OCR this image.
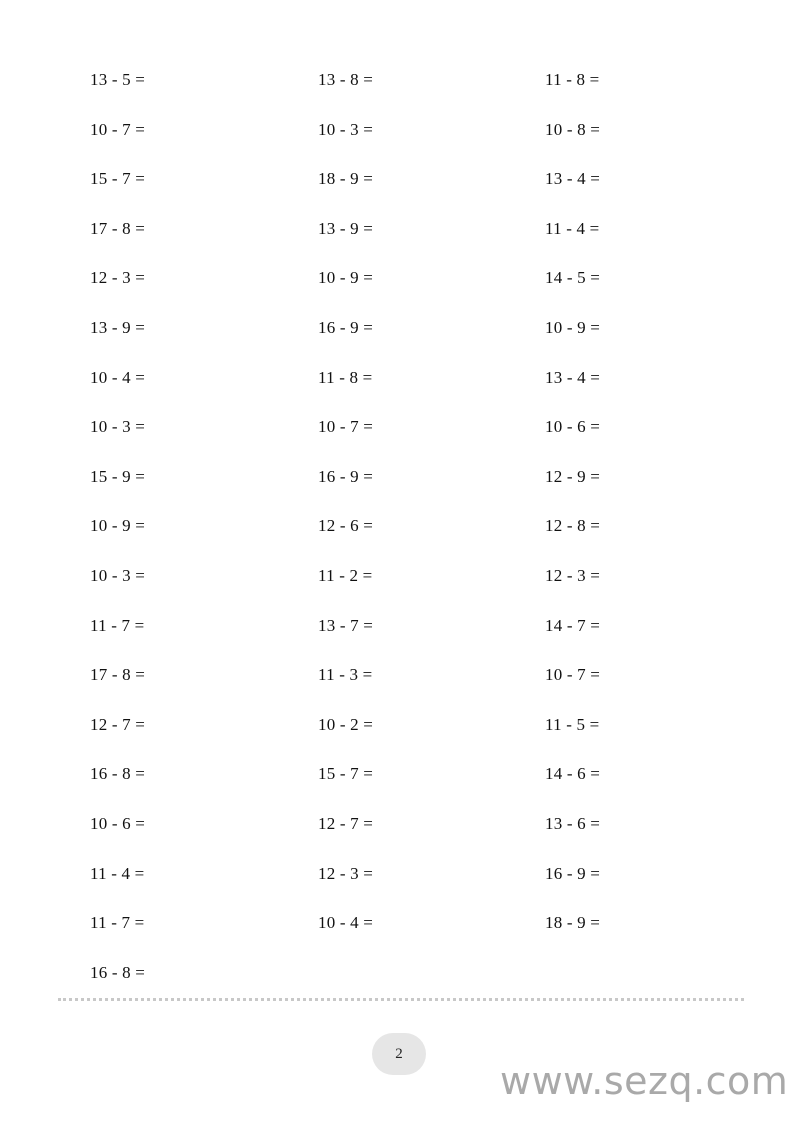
13 - 5 =
10 - 7 =
15 - 7 =
17 - 8 =
12 - 3 =
13 - 9 =
10 - 4 =
10 - 3 =
15 - 9 =
10 - 9 =
10 - 3 =
11 - 7 =
17 - 8 =
12 - 7 =
16 - 8 =
10 - 6 =
11 - 4 =
11 - 7 =
16 - 8 =
13 - 8 =
10 - 3 =
18 - 9 =
13 - 9 =
10 - 9 =
16 - 9 =
11 - 8 =
10 - 7 =
16 - 9 =
12 - 6 =
11 - 2 =
13 - 7 =
11 - 3 =
10 - 2 =
15 - 7 =
12 - 7 =
12 - 3 =
10 - 4 =
11 - 8 =
10 - 8 =
13 - 4 =
11 - 4 =
14 - 5 =
10 - 9 =
13 - 4 =
10 - 6 =
12 - 9 =
12 - 8 =
12 - 3 =
14 - 7 =
10 - 7 =
11 - 5 =
14 - 6 =
13 - 6 =
16 - 9 =
18 - 9 =
2
www.sezq.com
